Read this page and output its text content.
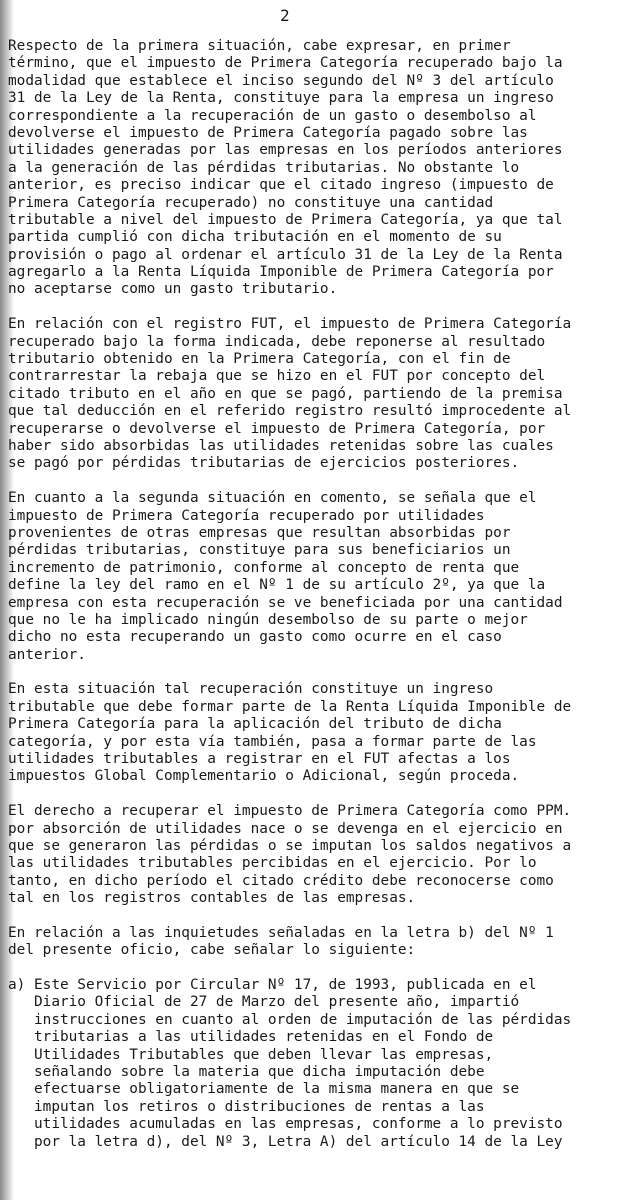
2
Respecto de la primera situación, cabe expresar, en primer
término, que el impuesto de Primera Categoría recuperado bajo la
modalidad que establece el inciso segundo del Nº 3 del artículo
31 de la Ley de la Renta, constituye para la empresa un ingreso
correspondiente a la recuperación de un gasto o desembolso al
devolverse el impuesto de Primera Categoría pagado sobre las
utilidades generadas por las empresas en los períodos anteriores
a la generación de las pérdidas tributarias. No obstante lo
anterior, es preciso indicar que el citado ingreso (impuesto de
Primera Categoría recuperado) no constituye una cantidad
tributable a nivel del impuesto de Primera Categoría, ya que tal
partida cumplió con dicha tributación en el momento de su
provisión o pago al ordenar el artículo 31 de la Ley de la Renta
agregarlo a la Renta Líquida Imponible de Primera Categoría por
no aceptarse como un gasto tributario.
En relación con el registro FUT, el impuesto de Primera Categoría
recuperado bajo la forma indicada, debe reponerse al resultado
tributario obtenido en la Primera Categoría, con el fin de
contrarrestar la rebaja que se hizo en el FUT por concepto del
citado tributo en el año en que se pagó, partiendo de la premisa
que tal deducción en el referido registro resultó improcedente al
recuperarse o devolverse el impuesto de Primera Categoría, por
haber sido absorbidas las utilidades retenidas sobre las cuales
se pagó por pérdidas tributarias de ejercicios posteriores.
En cuanto a la segunda situación en comento, se señala que el
impuesto de Primera Categoría recuperado por utilidades
provenientes de otras empresas que resultan absorbidas por
pérdidas tributarias, constituye para sus beneficiarios un
incremento de patrimonio, conforme al concepto de renta que
define la ley del ramo en el Nº 1 de su artículo 2º, ya que la
empresa con esta recuperación se ve beneficiada por una cantidad
que no le ha implicado ningún desembolso de su parte o mejor
dicho no esta recuperando un gasto como ocurre en el caso
anterior.
En esta situación tal recuperación constituye un ingreso
tributable que debe formar parte de la Renta Líquida Imponible de
Primera Categoría para la aplicación del tributo de dicha
categoría, y por esta vía también, pasa a formar parte de las
utilidades tributables a registrar en el FUT afectas a los
impuestos Global Complementario o Adicional, según proceda.
El derecho a recuperar el impuesto de Primera Categoría como PPM.
por absorción de utilidades nace o se devenga en el ejercicio en
que se generaron las pérdidas o se imputan los saldos negativos a
las utilidades tributables percibidas en el ejercicio. Por lo
tanto, en dicho período el citado crédito debe reconocerse como
tal en los registros contables de las empresas.
En relación a las inquietudes señaladas en la letra b) del Nº 1
del presente oficio, cabe señalar lo siguiente:
a) Este Servicio por Circular Nº 17, de 1993, publicada en el
Diario Oficial de 27 de Marzo del presente año, impartió
instrucciones en cuanto al orden de imputación de las pérdidas
tributarias a las utilidades retenidas en el Fondo de
Utilidades Tributables que deben llevar las empresas,
señalando sobre la materia que dicha imputación debe
efectuarse obligatoriamente de la misma manera en que se
imputan los retiros o distribuciones de rentas a las
utilidades acumuladas en las empresas, conforme a lo previsto
por la letra d), del Nº 3, Letra A) del artículo 14 de la Ley
